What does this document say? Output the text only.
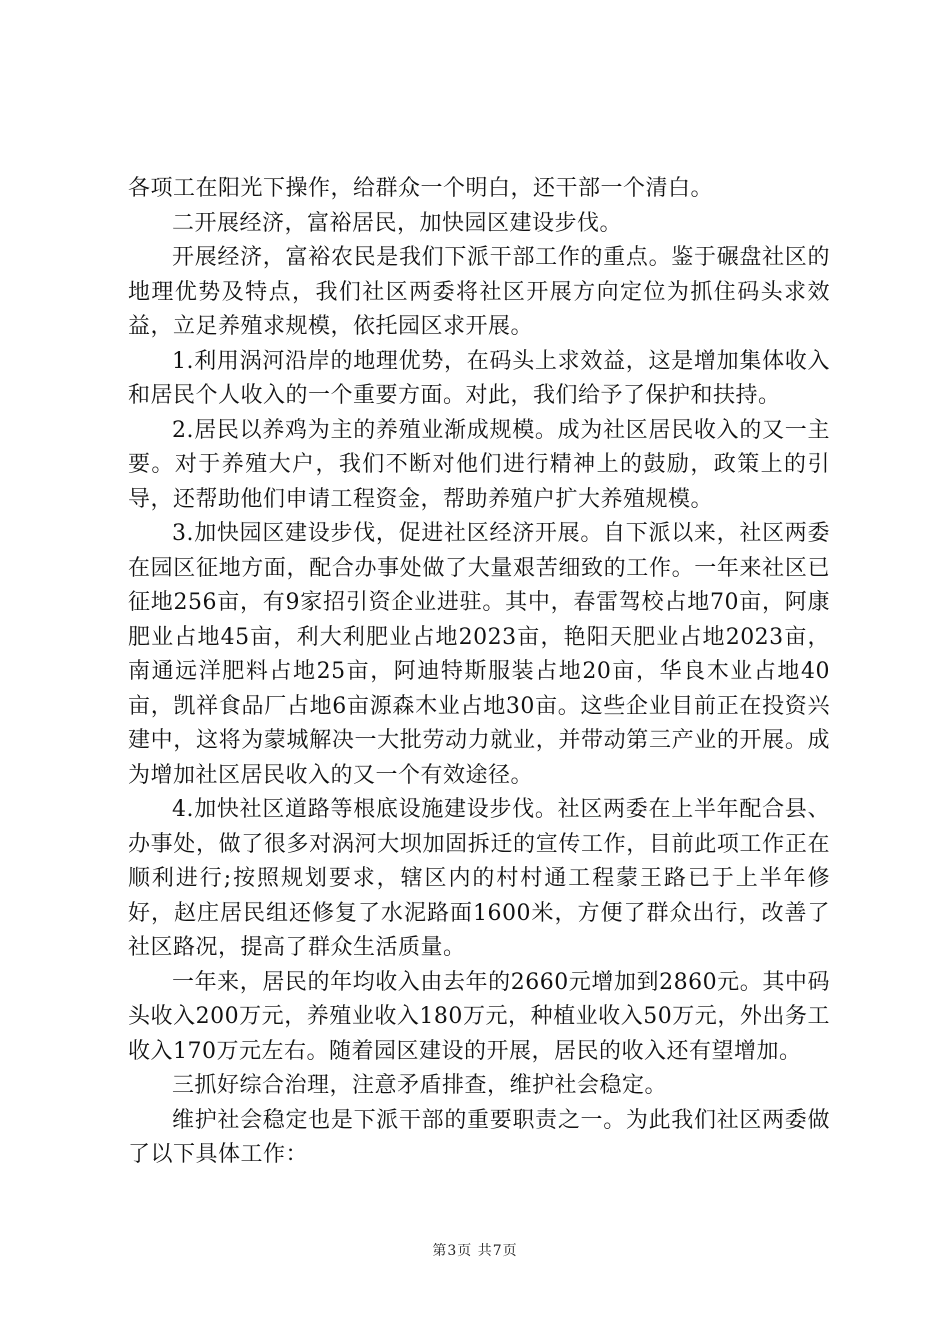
各项工在阳光下操作，给群众一个明白，还干部一个清白。

二开展经济，富裕居民，加快园区建设步伐。

开展经济，富裕农民是我们下派干部工作的重点。鉴于碾盘社区的地理优势及特点，我们社区两委将社区开展方向定位为抓住码头求效益，立足养殖求规模，依托园区求开展。

1.利用涡河沿岸的地理优势，在码头上求效益，这是增加集体收入和居民个人收入的一个重要方面。对此，我们给予了保护和扶持。

2.居民以养鸡为主的养殖业渐成规模。成为社区居民收入的又一主要。对于养殖大户，我们不断对他们进行精神上的鼓励，政策上的引导，还帮助他们申请工程资金，帮助养殖户扩大养殖规模。

3.加快园区建设步伐，促进社区经济开展。自下派以来，社区两委在园区征地方面，配合办事处做了大量艰苦细致的工作。一年来社区已征地256亩，有9家招引资企业进驻。其中，春雷驾校占地70亩，阿康肥业占地45亩，利大利肥业占地2023亩，艳阳天肥业占地2023亩，南通远洋肥料占地25亩，阿迪特斯服装占地20亩，华良木业占地40亩，凯祥食品厂占地6亩源森木业占地30亩。这些企业目前正在投资兴建中，这将为蒙城解决一大批劳动力就业，并带动第三产业的开展。成为增加社区居民收入的又一个有效途径。

4.加快社区道路等根底设施建设步伐。社区两委在上半年配合县、办事处，做了很多对涡河大坝加固拆迁的宣传工作，目前此项工作正在顺利进行;按照规划要求，辖区内的村村通工程蒙王路已于上半年修好，赵庄居民组还修复了水泥路面1600米，方便了群众出行，改善了社区路况，提高了群众生活质量。

一年来，居民的年均收入由去年的2660元增加到2860元。其中码头收入200万元，养殖业收入180万元，种植业收入50万元，外出务工收入170万元左右。随着园区建设的开展，居民的收入还有望增加。

三抓好综合治理，注意矛盾排查，维护社会稳定。

维护社会稳定也是下派干部的重要职责之一。为此我们社区两委做了以下具体工作：

第3页 共7页
